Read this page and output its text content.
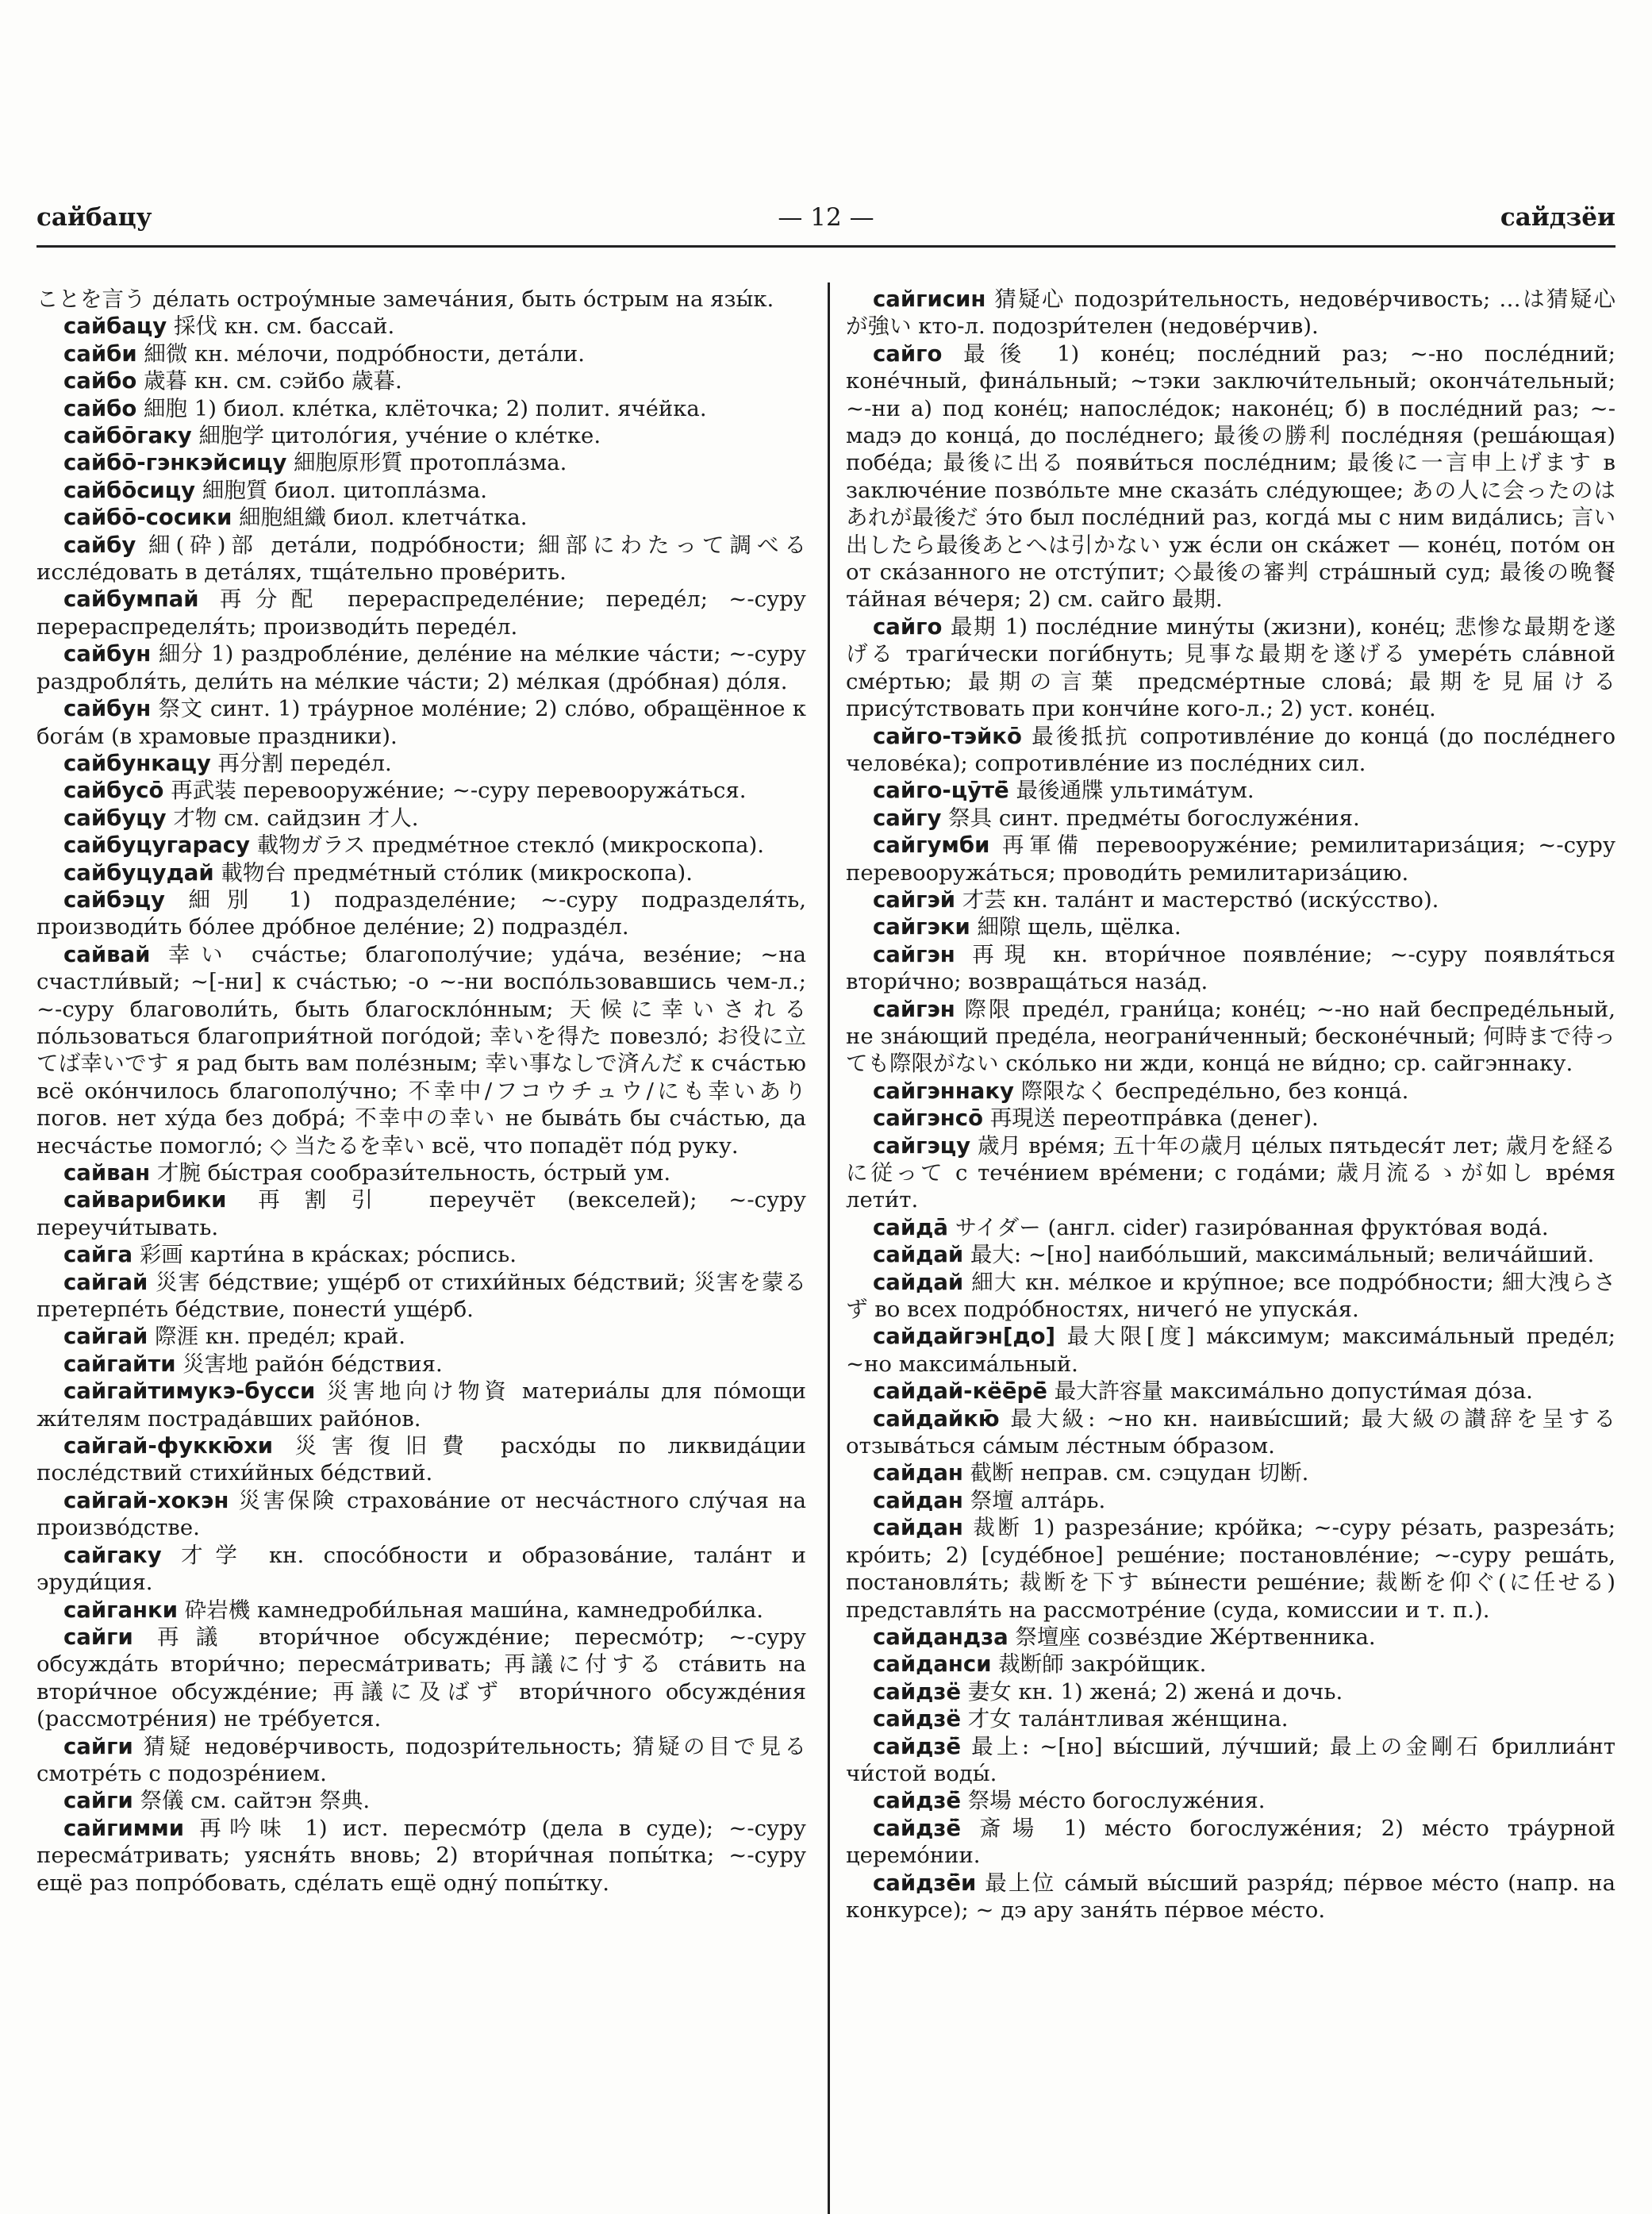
— 12 —
сайбацу	сайдзёи

ことを言う де́лать остроу́мные замеча́ния, быть о́стрым на язы́к.

сайбацу 採伐 кн. см. бассай.

сайби 細微 кн. ме́лочи, подро́бности, дета́ли.

сайбо 歳暮 кн. см. сэйбо 歳暮.

сайбо 細胞 1) биол. кле́тка, клёточка; 2) полит. яче́йка.

сайбо̄гаку 細胞学 цитоло́гия, уче́ние о кле́тке.

сайбо̄-гэнкэйсицу 細胞原形質 протопла́зма.

сайбо̄сицу 細胞質 биол. цитопла́зма.

сайбо̄-сосики 細胞組織 биол. клетча́тка.

сайбу 細(砕)部 дета́ли, подро́бности; 細部にわたって調べる иссле́довать в дета́лях, тща́тельно прове́рить.

сайбумпай 再分配 перераспределе́ние; переде́л; ~-суру перераспределя́ть; производи́ть переде́л.

сайбун 細分 1) раздробле́ние, деле́ние на ме́лкие ча́сти; ~-суру раздробля́ть, дели́ть на ме́лкие ча́сти; 2) ме́лкая (дро́бная) до́ля.

сайбун 祭文 синт. 1) тра́урное моле́ние; 2) сло́во, обращённое к бога́м (в храмовые праздники).

сайбункацу 再分割 переде́л.

сайбусо̄ 再武装 перевооруже́ние; ~-суру перевооружа́ться.

сайбуцу 才物 см. сайдзин 才人.

сайбуцугарасу 載物ガラス предме́тное стекло́ (микроскопа).

сайбуцудай 載物台 предме́тный сто́лик (микроскопа).

сайбэцу 細別 1) подразделе́ние; ~-суру подразделя́ть, производи́ть бо́лее дро́бное деле́ние; 2) подразде́л.

сайвай 幸い сча́стье; благополу́чие; уда́ча, везе́ние; ~на счастли́вый; ~[-ни] к сча́стью; -о ~-ни воспо́льзовавшись чем-л.; ~-суру благоволи́ть, быть благоскло́нным; 天候に幸いされる по́льзоваться благоприя́тной пого́дой; 幸いを得た повезло́; お役に立てば幸いです я рад быть вам поле́зным; 幸い事なしで済んだ к сча́стью всё око́нчилось благополу́чно; 不幸中/フコウチュウ/にも幸いあり погов. нет ху́да без добра́; 不幸中の幸い не быва́ть бы сча́стью, да несча́стье помогло́; ◇ 当たるを幸い всё, что попадёт по́д руку.

сайван 才腕 бы́страя сообрази́тельность, о́стрый ум.

сайварибики 再割引 переучёт (векселей); ~-суру переучи́тывать.

сайга 彩画 карти́на в кра́сках; ро́спись.

сайгай 災害 бе́дствие; уще́рб от стихи́йных бе́дствий; 災害を蒙る претерпе́ть бе́дствие, понести́ уще́рб.

сайгай 際涯 кн. преде́л; край.

сайгайти 災害地 райо́н бе́дствия.

сайгайтимукэ-бусси 災害地向け物資 материа́лы для по́мощи жи́телям пострада́вших райо́нов.

сайгай-фуккю̄хи 災害復旧費 расхо́ды по ликвида́ции после́дствий стихи́йных бе́дствий.

сайгай-хокэн 災害保険 страхова́ние от несча́стного слу́чая на произво́дстве.

сайгаку 才学 кн. спосо́бности и образова́ние, тала́нт и эруди́ция.

сайганки 砕岩機 камнедроби́льная маши́на, камнедроби́лка.

сайги 再議 втори́чное обсужде́ние; пересмо́тр; ~-суру обсужда́ть втори́чно; пересма́тривать; 再議に付する ста́вить на втори́чное обсужде́ние; 再議に及ばず втори́чного обсужде́ния (рассмотре́ния) не тре́буется.

сайги 猜疑 недове́рчивость, подозри́тельность; 猜疑の目で見る смотре́ть с подозре́нием.

сайги 祭儀 см. сайтэн 祭典.

сайгимми 再吟味 1) ист. пересмо́тр (дела в суде); ~-суру пересма́тривать; уясня́ть вновь; 2) втори́чная попы́тка; ~-суру ещё раз попро́бовать, сде́лать ещё одну́ попы́тку.

сайгисин 猜疑心 подозри́тельность, недове́рчивость; …は猜疑心が強い кто-л. подозри́телен (недове́рчив).

сайго 最後 1) коне́ц; после́дний раз; ~-но после́дний; коне́чный, фина́льный; ~тэки заключи́тельный; оконча́тельный; ~-ни а) под коне́ц; напосле́док; наконе́ц; б) в после́дний раз; ~-мадэ до конца́, до после́днего; 最後の勝利 после́дняя (реша́ющая) побе́да; 最後に出る появи́ться после́дним; 最後に一言申上げます в заключе́ние позво́льте мне сказа́ть сле́дующее; あの人に会ったのはあれが最後だ э́то был после́дний раз, когда́ мы с ним вида́лись; 言い出したら最後あとへは引かない уж е́сли он ска́жет — коне́ц, пото́м он от ска́занного не отсту́пит; ◇最後の審判 стра́шный суд; 最後の晩餐 та́йная ве́черя; 2) см. сайго 最期.

сайго 最期 1) после́дние мину́ты (жизни), коне́ц; 悲惨な最期を遂げる траги́чески поги́бнуть; 見事な最期を遂げる умере́ть сла́вной сме́ртью; 最期の言葉 предсме́ртные слова́; 最期を見届ける прису́тствовать при кончи́не кого-л.; 2) уст. коне́ц.

сайго-тэйко̄ 最後抵抗 сопротивле́ние до конца́ (до после́днего челове́ка); сопротивле́ние из после́дних сил.

сайго-цӯтё̄ 最後通牒 ультима́тум.

сайгу 祭具 синт. предме́ты богослуже́ния.

сайгумби 再軍備 перевооруже́ние; ремилитариза́ция; ~-суру перевооружа́ться; проводи́ть ремилитариза́цию.

сайгэй 才芸 кн. тала́нт и мастерство́ (иску́сство).

сайгэки 細隙 щель, щёлка.

сайгэн 再現 кн. втори́чное появле́ние; ~-суру появля́ться втори́чно; возвраща́ться наза́д.

сайгэн 際限 преде́л, грани́ца; коне́ц; ~-но най беспреде́льный, не зна́ющий преде́ла, неограни́ченный; бесконе́чный; 何時まで待っても際限がない ско́лько ни жди, конца́ не ви́дно; ср. сайгэннаку.

сайгэннаку 際限なく беспреде́льно, без конца́.

сайгэнсо̄ 再現送 переотпра́вка (денег).

сайгэцу 歳月 вре́мя; 五十年の歳月 це́лых пятьдеся́т лет; 歳月を経るに従って с тече́нием вре́мени; с года́ми; 歳月流るゝが如し вре́мя лети́т.

сайда̄ サイダー (англ. cider) газиро́ванная фрукто́вая вода́.

сайдай 最大: ~[но] наибо́льший, максима́льный; велича́йший.

сайдай 細大 кн. ме́лкое и кру́пное; все подро́бности; 細大洩らさず во всех подро́бностях, ничего́ не упуска́я.

сайдайгэн[до] 最大限[度] ма́ксимум; максима́льный преде́л; ~но максима́льный.

сайдай-кёё̄рё̄ 最大許容量 максима́льно допусти́мая до́за.

сайдайкю̄ 最大級: ~но кн. наивы́сший; 最大級の讃辞を呈する отзыва́ться са́мым ле́стным о́бразом.

сайдан 截断 неправ. см. сэцудан 切断.

сайдан 祭壇 алта́рь.

сайдан 裁断 1) разреза́ние; кро́йка; ~-суру ре́зать, разреза́ть; кро́ить; 2) [суде́бное] реше́ние; постановле́ние; ~-суру реша́ть, постановля́ть; 裁断を下す вы́нести реше́ние; 裁断を仰ぐ(に任せる) представля́ть на рассмотре́ние (суда, комиссии и т. п.).

сайдандза 祭壇座 созве́здие Же́ртвенника.

сайданси 裁断師 закро́йщик.

сайдзё 妻女 кн. 1) жена́; 2) жена́ и дочь.

сайдзё 才女 тала́нтливая же́нщина.

сайдзё̄ 最上: ~[но] вы́сший, лу́чший; 最上の金剛石 бриллиа́нт чи́стой воды́.

сайдзё̄ 祭場 ме́сто богослуже́ния.

сайдзё̄ 斎場 1) ме́сто богослуже́ния; 2) ме́сто тра́урной церемо́нии.

сайдзё̄и 最上位 са́мый вы́сший разря́д; пе́рвое ме́сто (напр. на конкурсе); ~ дэ ару заня́ть пе́рвое ме́сто.
